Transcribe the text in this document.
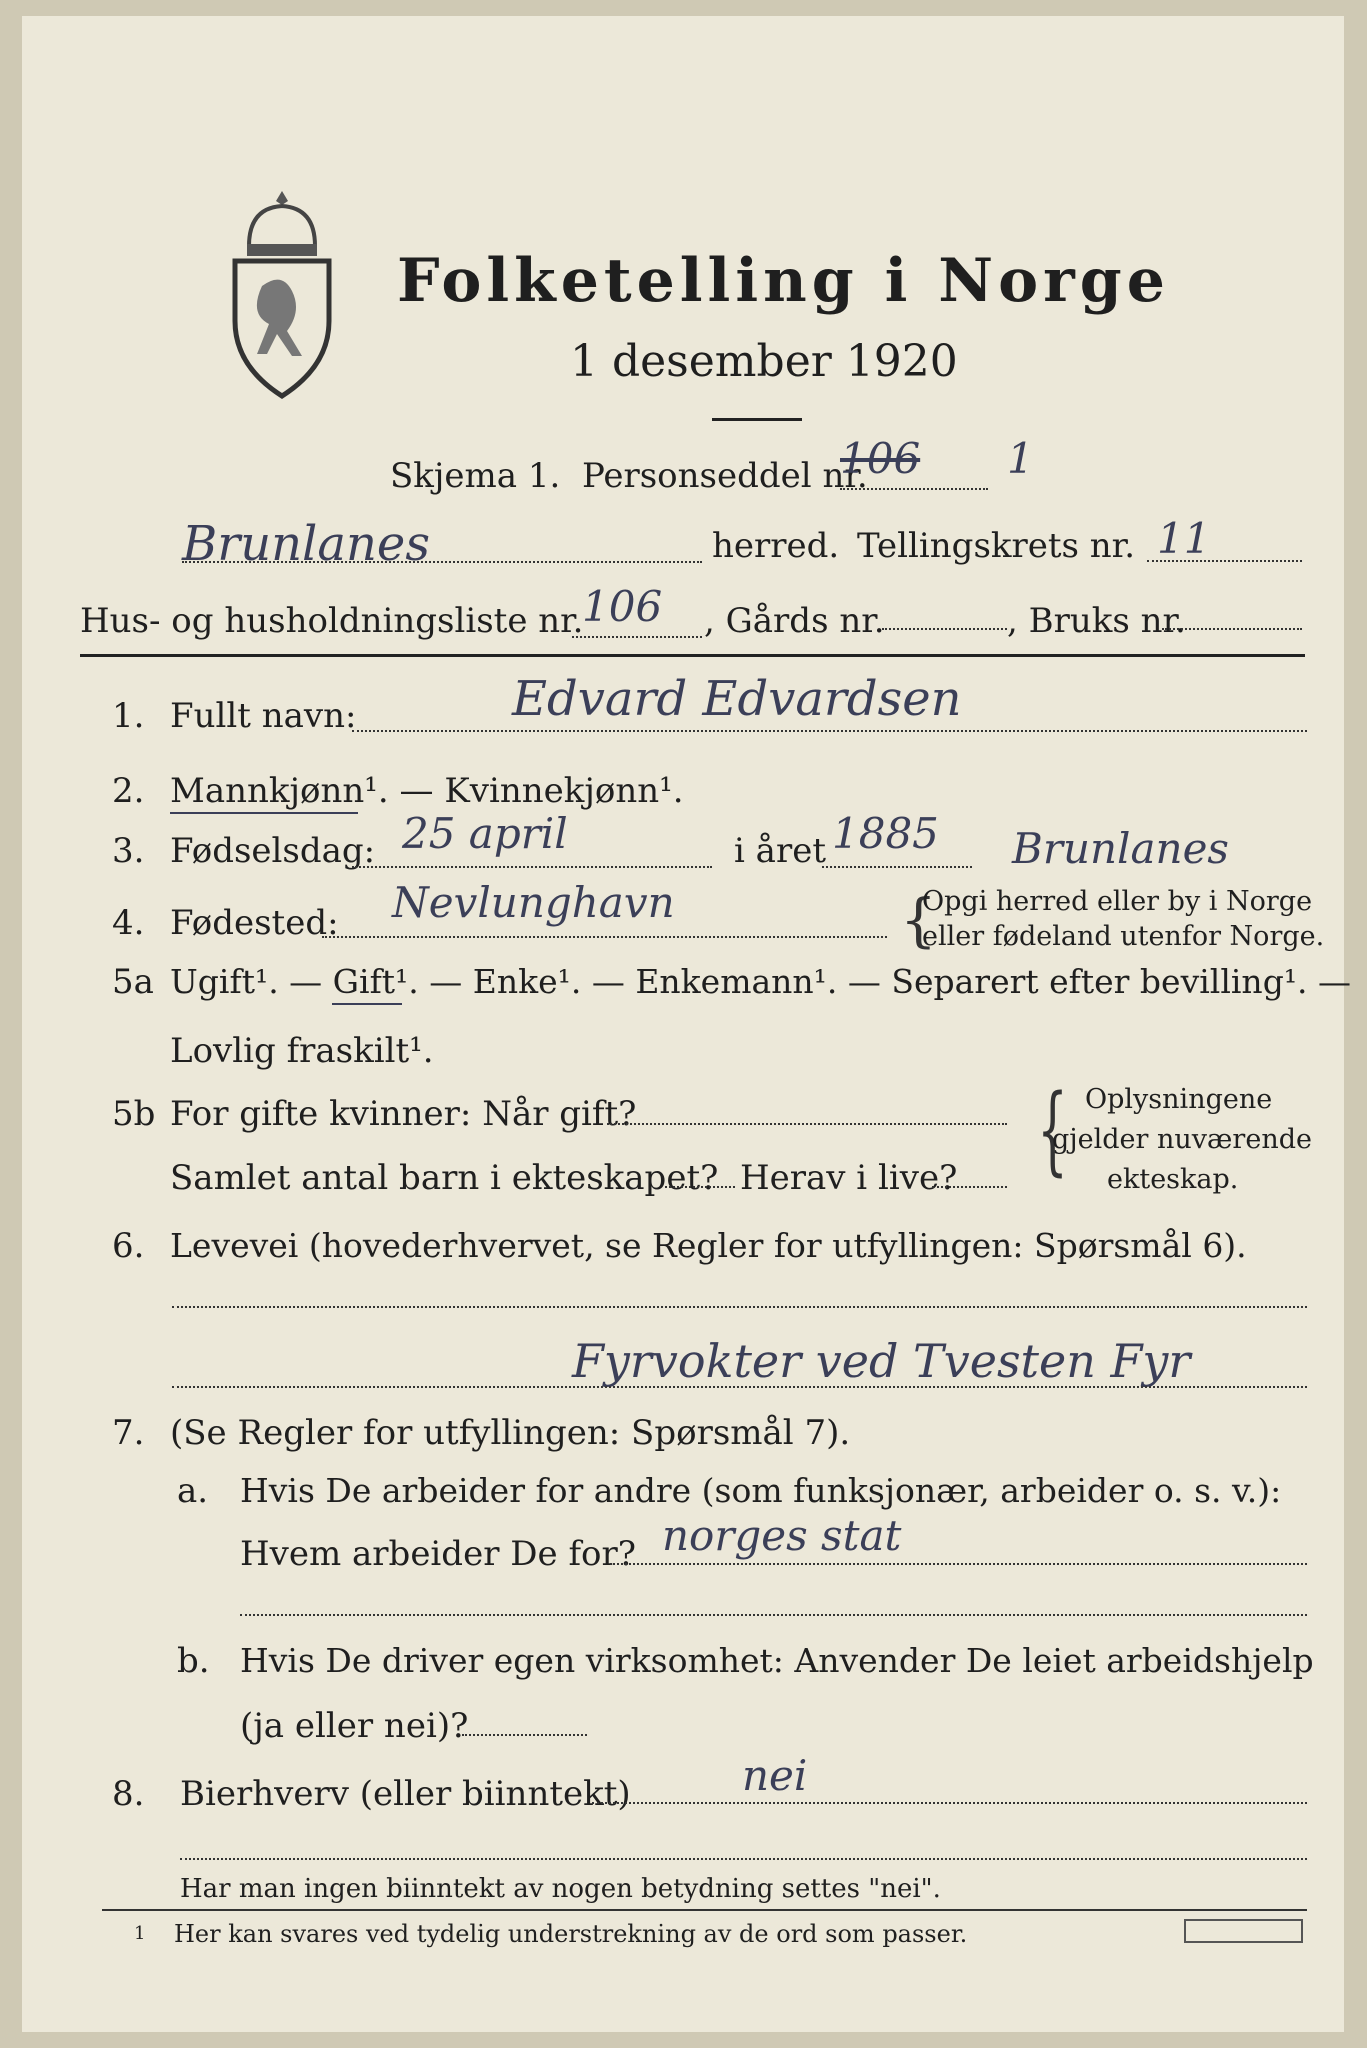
Folketelling i Norge
1 desember 1920
Skjema 1. Personseddel nr.
106 1
Brunlanes	herred. Tellingskrets nr. 11
Hus- og husholdningsliste nr.
106 , Gårds nr.	, Bruks nr.
1. Fullt navn:	Edvard Edvardsen
2. Mannkjønn¹. — Kvinnekjønn¹.
3. Fødselsdag: 25 april	i året 1885 Brunlanes
4. Fødested: Nevlunghavn	{
Opgi herred eller by i Norge
eller fødeland utenfor Norge.
5a Ugift¹. — Gift¹. — Enke¹. — Enkemann¹. — Separert efter bevilling¹. —
Lovlig fraskilt¹.
5b For gifte kvinner: Når gift?
Samlet antal barn i ekteskapet? Herav i live? { Oplysningene
gjelder nuværende
ekteskap.
6. Levevei (hovederhvervet, se Regler for utfyllingen: Spørsmål 6).
Fyrvokter ved Tvesten Fyr
7. (Se Regler for utfyllingen: Spørsmål 7).
a. Hvis De arbeider for andre (som funksjonær, arbeider o. s. v.):
Hvem arbeider De for? norges stat
b. Hvis De driver egen virksomhet: Anvender De leiet arbeidshjelp
(ja eller nei)?
8. Bierhverv (eller biinntekt)	nei
Har man ingen biinntekt av nogen betydning settes "nei".
1 Her kan svares ved tydelig understrekning av de ord som passer.
